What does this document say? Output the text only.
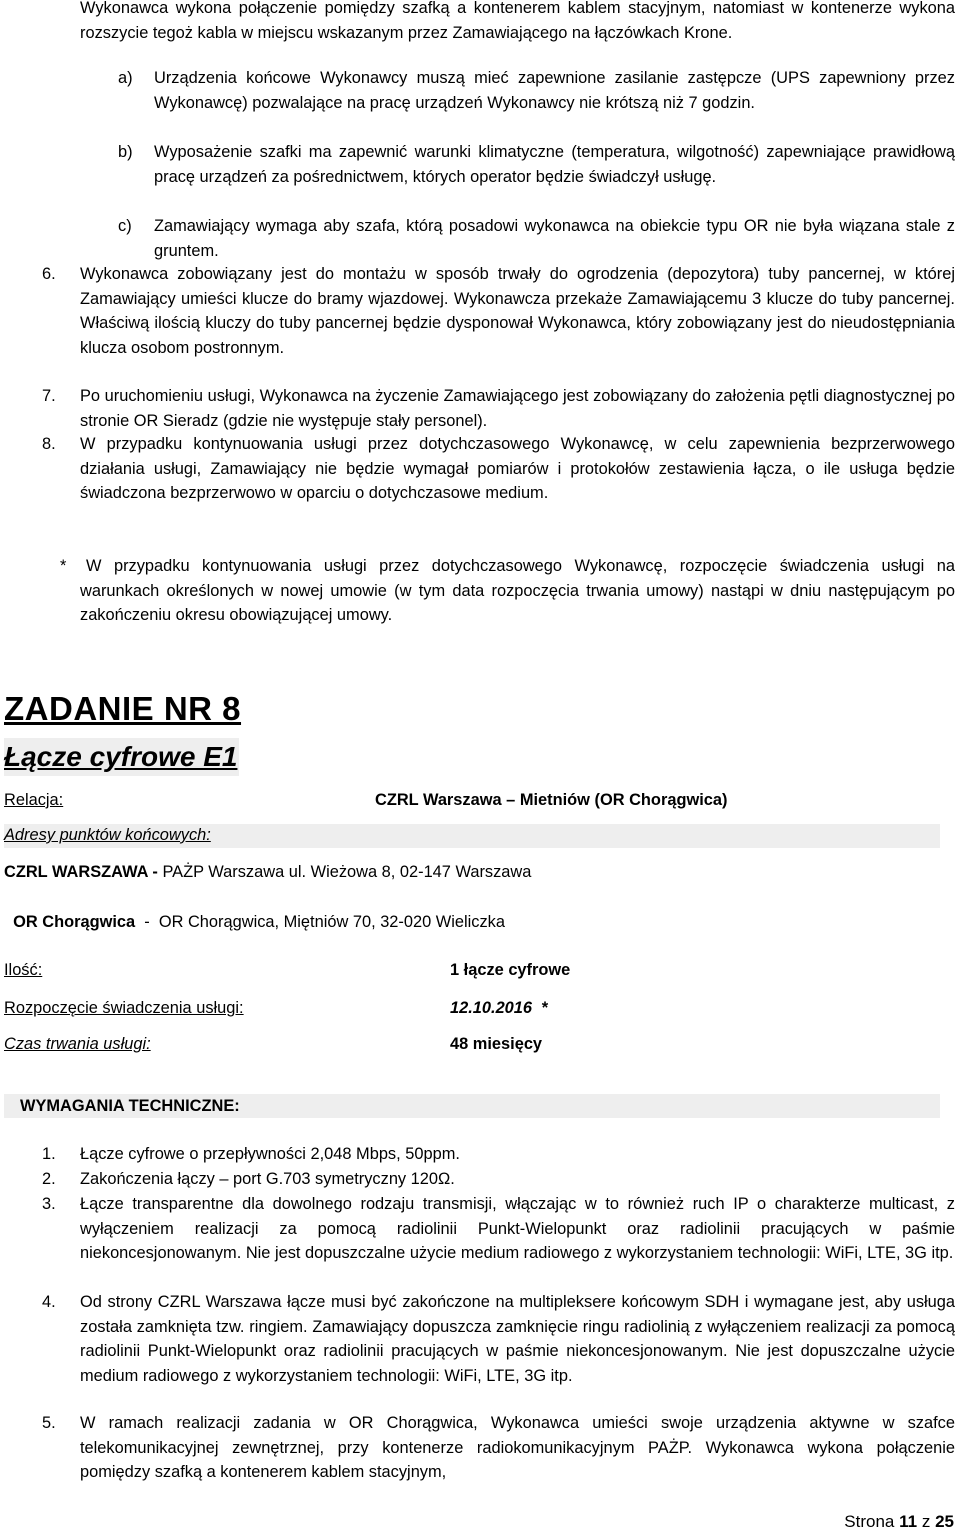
Wykonawca wykona połączenie pomiędzy szafką a kontenerem kablem stacyjnym, natomiast w kontenerze wykona rozszycie tegoż kabla w miejscu wskazanym przez Zamawiającego na łączówkach Krone.
a) Urządzenia końcowe Wykonawcy muszą mieć zapewnione zasilanie zastępcze (UPS zapewniony przez Wykonawcę) pozwalające na pracę urządzeń Wykonawcy nie krótszą niż 7 godzin.
b) Wyposażenie szafki ma zapewnić warunki klimatyczne (temperatura, wilgotność) zapewniające prawidłową pracę urządzeń za pośrednictwem, których operator będzie świadczył usługę.
c) Zamawiający wymaga aby szafa, którą posadowi wykonawca na obiekcie typu OR nie była wiązana stale z gruntem.
6. Wykonawca zobowiązany jest do montażu w sposób trwały do ogrodzenia (depozytora) tuby pancernej, w której Zamawiający umieści klucze do bramy wjazdowej. Wykonawcza przekaże Zamawiającemu 3 klucze do tuby pancernej. Właściwą ilością kluczy do tuby pancernej będzie dysponował Wykonawca, który zobowiązany jest do nieudostępniania klucza osobom postronnym.
7. Po uruchomieniu usługi, Wykonawca na życzenie Zamawiającego jest zobowiązany do założenia pętli diagnostycznej po stronie OR Sieradz (gdzie nie występuje stały personel).
8. W przypadku kontynuowania usługi przez dotychczasowego Wykonawcę, w celu zapewnienia bezprzerwowego działania usługi, Zamawiający nie będzie wymagał pomiarów i protokołów zestawienia łącza, o ile usługa będzie świadczona bezprzerwowo w oparciu o dotychczasowe medium.
*	W przypadku kontynuowania usługi przez dotychczasowego Wykonawcę, rozpoczęcie świadczenia usługi na warunkach określonych w nowej umowie (w tym data rozpoczęcia trwania umowy) nastąpi w dniu następującym po zakończeniu okresu obowiązującej umowy.
ZADANIE NR 8
Łącze cyfrowe E1
Relacja:	CZRL Warszawa – Mietniów (OR Chorągwica)
Adresy punktów końcowych:
CZRL WARSZAWA - PAŻP Warszawa ul. Wieżowa 8, 02-147 Warszawa

OR Chorągwica  -  OR Chorągwica, Miętniów 70, 32-020 Wieliczka

Ilość:	1 łącze cyfrowe
Rozpoczęcie świadczenia usługi:	12.10.2016  *
Czas trwania usługi:	48 miesięcy
WYMAGANIA TECHNICZNE:
1. Łącze cyfrowe o przepływności 2,048 Mbps, 50ppm.
2. Zakończenia łączy – port G.703 symetryczny 120Ω.
3. Łącze transparentne dla dowolnego rodzaju transmisji, włączając w to również ruch IP o charakterze multicast, z wyłączeniem realizacji za pomocą radiolinii Punkt-Wielopunkt oraz radiolinii pracujących w paśmie niekoncesjonowanym. Nie jest dopuszczalne użycie medium radiowego z wykorzystaniem technologii: WiFi, LTE, 3G itp.
4. Od strony CZRL Warszawa łącze musi być zakończone na multipleksere końcowym SDH i wymagane jest, aby usługa została zamknięta tzw. ringiem. Zamawiający dopuszcza zamknięcie ringu radiolinią z wyłączeniem realizacji za pomocą radiolinii Punkt-Wielopunkt oraz radiolinii pracujących w paśmie niekoncesjonowanym. Nie jest dopuszczalne użycie medium radiowego z wykorzystaniem technologii: WiFi, LTE, 3G itp.
5. W ramach realizacji zadania w OR Chorągwica, Wykonawca umieści swoje urządzenia aktywne w szafce telekomunikacyjnej zewnętrznej, przy kontenerze radiokomunikacyjnym PAŻP. Wykonawca wykona połączenie pomiędzy szafką a kontenerem kablem stacyjnym,
Strona 11 z 25
